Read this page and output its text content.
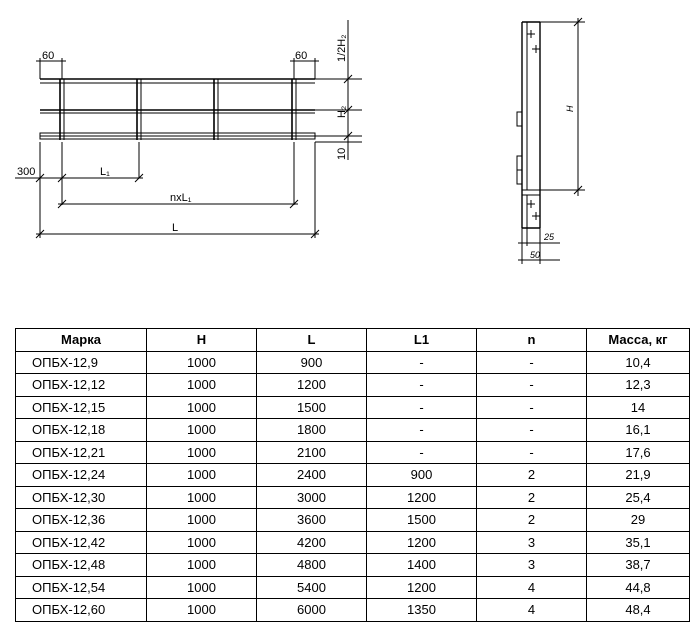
60	60	1/2H₂
H₂
10
300	L₁
nxL₁
L
H
25
50
Марка	H	L	L1	n	Масса, кг
ОПБХ-12,9	1000	900	-	-	10,4
ОПБХ-12,12	1000	1200	-	-	12,3
ОПБХ-12,15	1000	1500	-	-	14
ОПБХ-12,18	1000	1800	-	-	16,1
ОПБХ-12,21	1000	2100	-	-	17,6
ОПБХ-12,24	1000	2400	900	2	21,9
ОПБХ-12,30	1000	3000	1200	2	25,4
ОПБХ-12,36	1000	3600	1500	2	29
ОПБХ-12,42	1000	4200	1200	3	35,1
ОПБХ-12,48	1000	4800	1400	3	38,7
ОПБХ-12,54	1000	5400	1200	4	44,8
ОПБХ-12,60	1000	6000	1350	4	48,4
